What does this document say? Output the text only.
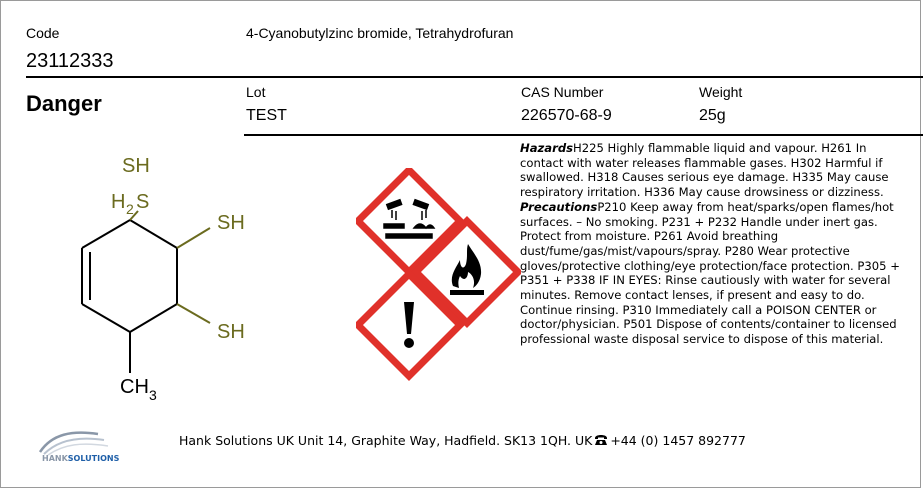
Code
23112333
4-Cyanobutylzinc bromide, Tetrahydrofuran
Danger	Lot
TEST
CAS Number
226570-68-9
Weight
25g
SH
H 2 S
SH
SH
CH 3
HazardsH225 Highly flammable liquid and vapour. H261 In contact with water releases flammable gases. H302 Harmful if swallowed. H318 Causes serious eye damage. H335 May cause respiratory irritation. H336 May cause drowsiness or dizziness.
PrecautionsP210 Keep away from heat/sparks/open flames/hot surfaces. – No smoking. P231 + P232 Handle under inert gas. Protect from moisture. P261 Avoid breathing dust/fume/gas/mist/vapours/spray. P280 Wear protective gloves/protective clothing/eye protection/face protection. P305 + P351 + P338 IF IN EYES: Rinse cautiously with water for several minutes. Remove contact lenses, if present and easy to do. Continue rinsing. P310 Immediately call a POISON CENTER or doctor/physician. P501 Dispose of contents/container to licensed professional waste disposal service to dispose of this material.
HANKSOLUTIONS
Hank Solutions UK Unit 14, Graphite Way, Hadfield. SK13 1QH. UK +44 (0) 1457 892777
